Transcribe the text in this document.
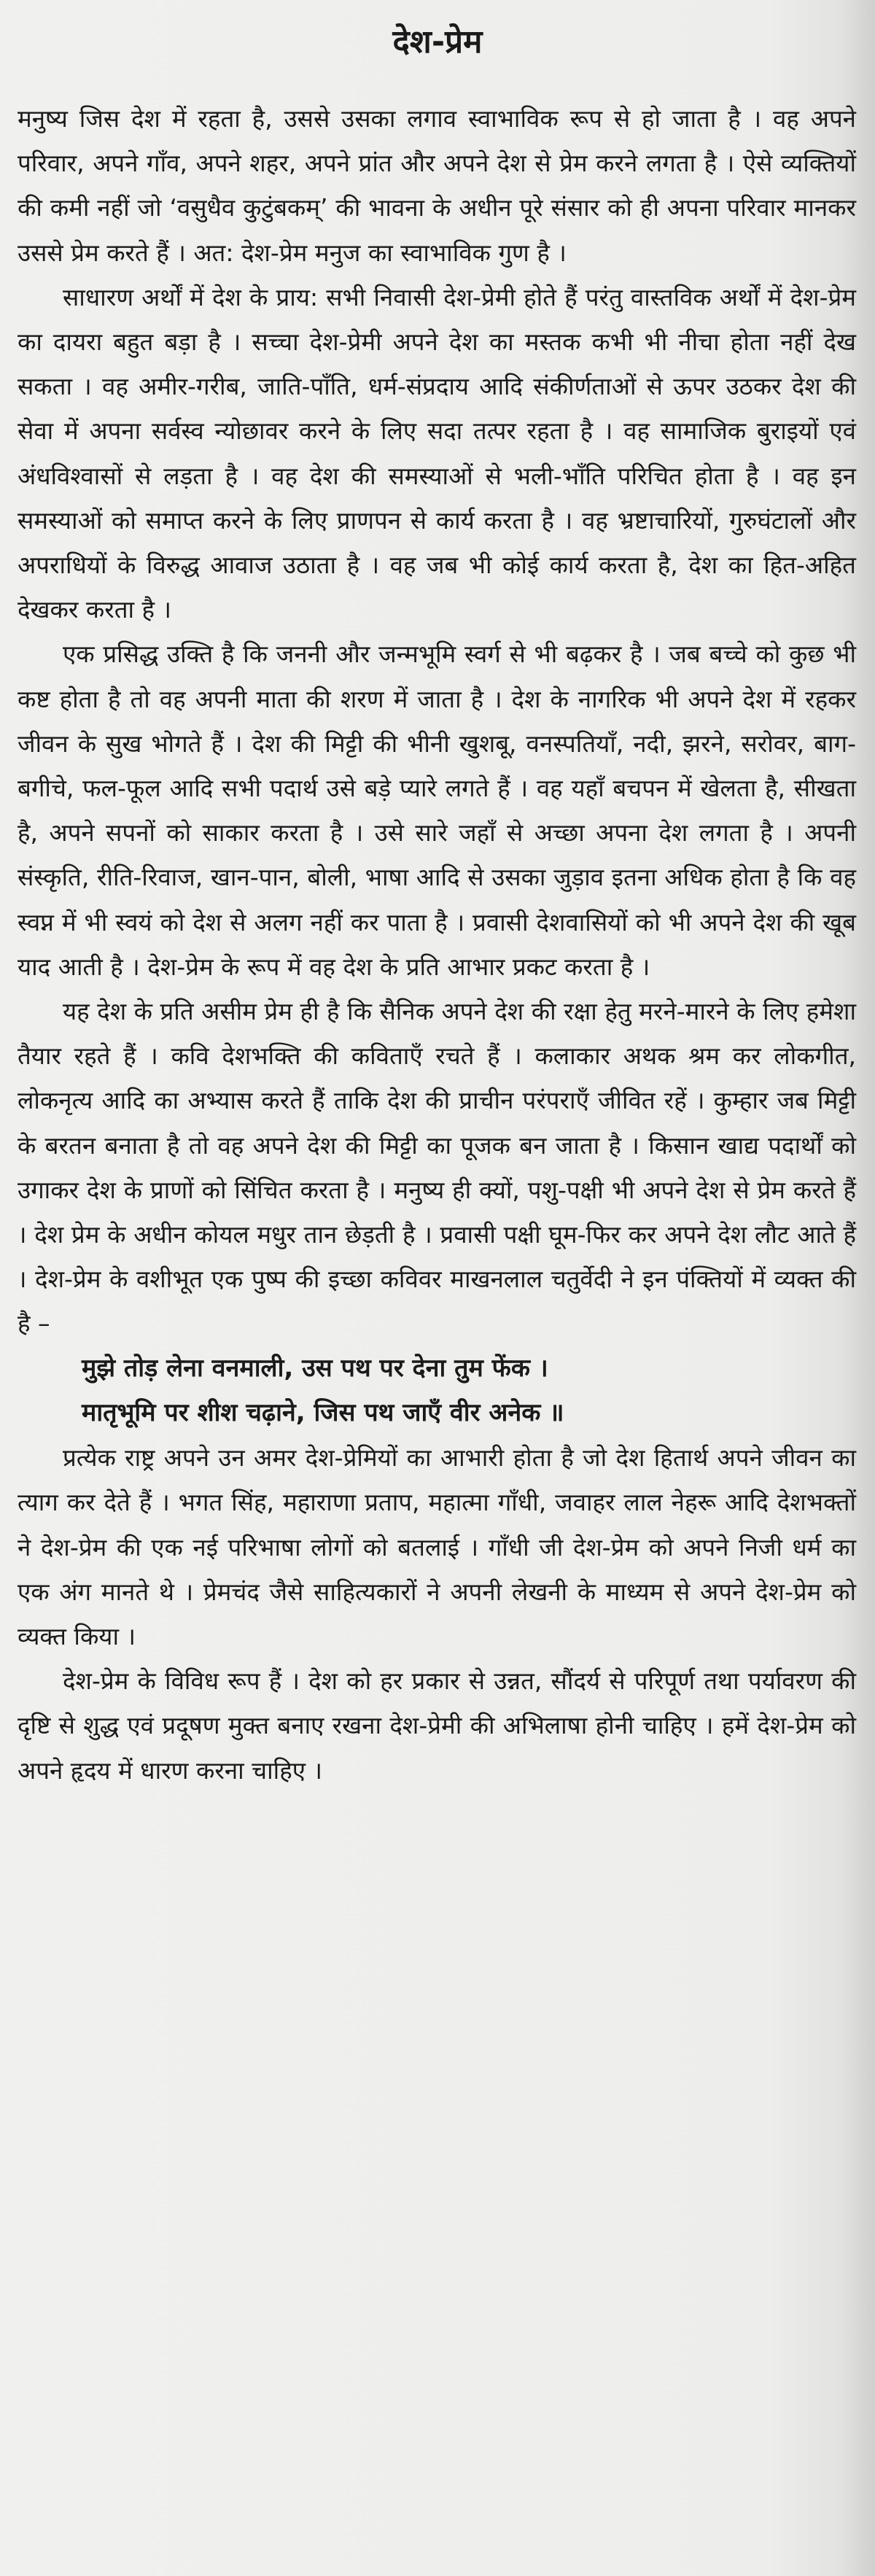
देश-प्रेम

मनुष्य जिस देश में रहता है, उससे उसका लगाव स्वाभाविक रूप से हो जाता है । वह अपने परिवार, अपने गाँव, अपने शहर, अपने प्रांत और अपने देश से प्रेम करने लगता है । ऐसे व्यक्तियों की कमी नहीं जो ‘वसुधैव कुटुंबकम्’ की भावना के अधीन पूरे संसार को ही अपना परिवार मानकर उससे प्रेम करते हैं । अत: देश-प्रेम मनुज का स्वाभाविक गुण है ।

साधारण अर्थों में देश के प्राय: सभी निवासी देश-प्रेमी होते हैं परंतु वास्तविक अर्थों में देश-प्रेम का दायरा बहुत बड़ा है । सच्चा देश-प्रेमी अपने देश का मस्तक कभी भी नीचा होता नहीं देख सकता । वह अमीर-गरीब, जाति-पाँति, धर्म-संप्रदाय आदि संकीर्णताओं से ऊपर उठकर देश की सेवा में अपना सर्वस्व न्योछावर करने के लिए सदा तत्पर रहता है । वह सामाजिक बुराइयों एवं अंधविश्वासों से लड़ता है । वह देश की समस्याओं से भली-भाँति परिचित होता है । वह इन समस्याओं को समाप्त करने के लिए प्राणपन से कार्य करता है । वह भ्रष्टाचारियों, गुरुघंटालों और अपराधियों के विरुद्ध आवाज उठाता है । वह जब भी कोई कार्य करता है, देश का हित-अहित देखकर करता है ।

एक प्रसिद्ध उक्ति है कि जननी और जन्मभूमि स्वर्ग से भी बढ़कर है । जब बच्चे को कुछ भी कष्ट होता है तो वह अपनी माता की शरण में जाता है । देश के नागरिक भी अपने देश में रहकर जीवन के सुख भोगते हैं । देश की मिट्टी की भीनी खुशबू, वनस्पतियाँ, नदी, झरने, सरोवर, बाग-बगीचे, फल-फूल आदि सभी पदार्थ उसे बड़े प्यारे लगते हैं । वह यहाँ बचपन में खेलता है, सीखता है, अपने सपनों को साकार करता है । उसे सारे जहाँ से अच्छा अपना देश लगता है । अपनी संस्कृति, रीति-रिवाज, खान-पान, बोली, भाषा आदि से उसका जुड़ाव इतना अधिक होता है कि वह स्वप्न में भी स्वयं को देश से अलग नहीं कर पाता है । प्रवासी देशवासियों को भी अपने देश की खूब याद आती है । देश-प्रेम के रूप में वह देश के प्रति आभार प्रकट करता है ।

यह देश के प्रति असीम प्रेम ही है कि सैनिक अपने देश की रक्षा हेतु मरने-मारने के लिए हमेशा तैयार रहते हैं । कवि देशभक्ति की कविताएँ रचते हैं । कलाकार अथक श्रम कर लोकगीत, लोकनृत्य आदि का अभ्यास करते हैं ताकि देश की प्राचीन परंपराएँ जीवित रहें । कुम्हार जब मिट्टी के बरतन बनाता है तो वह अपने देश की मिट्टी का पूजक बन जाता है । किसान खाद्य पदार्थों को उगाकर देश के प्राणों को सिंचित करता है । मनुष्य ही क्यों, पशु-पक्षी भी अपने देश से प्रेम करते हैं । देश प्रेम के अधीन कोयल मधुर तान छेड़ती है । प्रवासी पक्षी घूम-फिर कर अपने देश लौट आते हैं । देश-प्रेम के वशीभूत एक पुष्प की इच्छा कविवर माखनलाल चतुर्वेदी ने इन पंक्तियों में व्यक्त की है –

मुझे तोड़ लेना वनमाली, उस पथ पर देना तुम फेंक ।

मातृभूमि पर शीश चढ़ाने, जिस पथ जाएँ वीर अनेक ॥

प्रत्येक राष्ट्र अपने उन अमर देश-प्रेमियों का आभारी होता है जो देश हितार्थ अपने जीवन का त्याग कर देते हैं । भगत सिंह, महाराणा प्रताप, महात्मा गाँधी, जवाहर लाल नेहरू आदि देशभक्तों ने देश-प्रेम की एक नई परिभाषा लोगों को बतलाई । गाँधी जी देश-प्रेम को अपने निजी धर्म का एक अंग मानते थे । प्रेमचंद जैसे साहित्यकारों ने अपनी लेखनी के माध्यम से अपने देश-प्रेम को व्यक्त किया ।

देश-प्रेम के विविध रूप हैं । देश को हर प्रकार से उन्नत, सौंदर्य से परिपूर्ण तथा पर्यावरण की दृष्टि से शुद्ध एवं प्रदूषण मुक्त बनाए रखना देश-प्रेमी की अभिलाषा होनी चाहिए । हमें देश-प्रेम को अपने हृदय में धारण करना चाहिए ।
